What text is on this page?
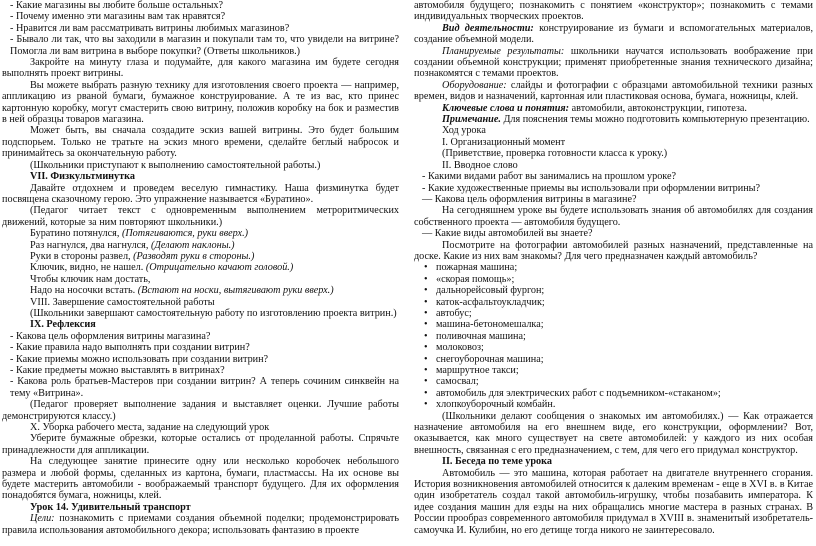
- Какие магазины вы любите больше остальных?

- Почему именно эти магазины вам так нравятся?

- Нравится ли вам рассматривать витрины любимых магазинов?

- Бывало ли так, что вы заходили в магазин и покупали там то, что увидели на витрине? Помогла ли вам витрина в выборе покупки? (Ответы школьников.)

Закройте на минуту глаза и подумайте, для какого магазина им будете сегодня выполнять проект витрины.

Вы можете выбрать разную технику для изготовления своего проекта — например, аппликацию из рваной бумаги, бумажное конструирование. А те из вас, кто принес картонную коробку, могут смастерить свою витрину, положив коробку на бок и разместив в ней образцы товаров магазина.

Может быть, вы сначала создадите эскиз вашей витрины. Это будет большим подспорьем. Только не тратьте на эскиз много времени, сделайте беглый набросок и принимайтесь за окончательную работу.

(Школьники приступают к выполнению самостоятельной работы.)

VII. Физкультминутка

Давайте отдохнем и проведем веселую гимнастику. Наша физминутка будет посвящена сказочному герою. Это упражнение называется «Буратино».

(Педагог читает текст с одновременным выполнением метроритмических движений, которые за ним повторяют школьники.)

Буратино потянулся, (Потягиваются, руки вверх.)

Раз нагнулся, два нагнулся, (Делают наклоны.)

Руки в стороны развел, (Разводят руки в стороны.)

Ключик, видно, не нашел. (Отрицательно качают головой.)

Чтобы ключик нам достать,

Надо на носочки встать. (Встают на носки, вытягивают руки вверх.)

VIII. Завершение самостоятельной работы

(Школьники завершают самостоятельную работу по изготовлению проекта витрин.)

IX. Рефлексия

- Какова цель оформления витрины магазина?

- Какие правила надо выполнять при создании витрин?

- Какие приемы можно использовать при создании витрин?

- Какие предметы можно выставлять в витринах?

- Какова роль братьев-Мастеров при создании витрин? А теперь сочиним синквейн на тему «Витрина».

(Педагог проверяет выполнение задания и выставляет оценки. Лучшие работы демонстрируются классу.)

X. Уборка рабочего места, задание на следующий урок

Уберите бумажные обрезки, которые остались от проделанной работы. Спрячьте принадлежности для аппликации.

На следующее занятие принесите одну или несколько коробочек небольшого размера и любой формы, сделанных из картона, бумаги, пластмассы. На их основе вы будете мастерить автомобили - воображаемый транспорт будущего. Для их оформления понадобятся бумага, ножницы, клей.

Урок 14. Удивительный транспорт

Цели: познакомить с приемами создания объемной поделки; продемонстрировать правила использования автомобильного декора; использовать фантазию в проекте

автомобиля будущего; познакомить с понятием «конструктор»; познакомить с темами индивидуальных творческих проектов.

Вид деятельности: конструирование из бумаги и вспомогательных материалов, создание объемной модели.

Планируемые результаты: школьники научатся использовать воображение при создании объемной конструкции; применят приобретенные знания технического дизайна; познакомятся с темами проектов.

Оборудование: слайды и фотографии с образцами автомобильной техники разных времен, видов и назначений, картонная или пластиковая основа, бумага, ножницы, клей.

Ключевые слова и понятия: автомобили, автоконструкции, гипотеза.

Примечание. Для пояснения темы можно подготовить компьютерную презентацию.

Ход урока

I. Организационный момент

(Приветствие, проверка готовности класса к уроку.)

II. Вводное слово

- Какими видами работ вы занимались на прошлом уроке?

- Какие художественные приемы вы использовали при оформлении витрины?

— Какова цель оформления витрины в магазине?

На сегодняшнем уроке вы будете использовать знания об автомобилях для создания собственного проекта — автомобиля будущего.

— Какие виды автомобилей вы знаете?

Посмотрите на фотографии автомобилей разных назначений, представленные на доске. Какие из них вам знакомы? Для чего предназначен каждый автомобиль?

• пожарная машина;
• «скорая помощь»;
• дальнорейсовый фургон;
• каток-асфальтоукладчик;
• автобус;
• машина-бетономешалка;
• поливочная машина;
• молоковоз;
• снегоуборочная машина;
• маршрутное такси;
• самосвал;
• автомобиль для электрических работ с подъемником-«стаканом»;
• хлопкоуборочный комбайн.

(Школьники делают сообщения о знакомых им автомобилях.) — Как отражается назначение автомобиля на его внешнем виде, его конструкции, оформлении? Вот, оказывается, как много существует на свете автомобилей: у каждого из них особая внешность, связанная с его предназначением, с тем, для чего его придумал конструктор.

II. Беседа по теме урока

Автомобиль — это машина, которая работает на двигателе внутреннего сгорания. История возникновения автомобилей относится к далеким временам - еще в XVI в. в Китае один изобретатель создал такой автомобиль-игрушку, чтобы позабавить императора. К идее создания машин для езды на них обращались многие мастера в разных странах. В России прообраз современного автомобиля придумал в XVIII в. знаменитый изобретатель-самоучка И. Кулибин, но его детище тогда никого не заинтересовало.
